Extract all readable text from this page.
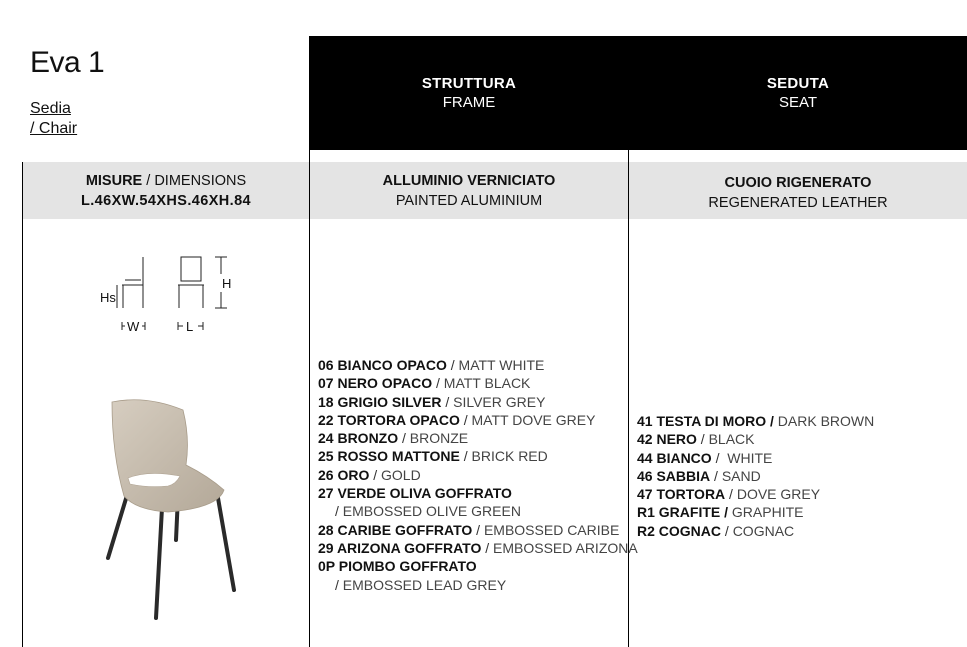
Eva 1
Sedia
/ Chair
STRUTTURA
FRAME
SEDUTA
SEAT
MISURE / DIMENSIONS
L.46XW.54XHS.46XH.84
ALLUMINIO VERNICIATO
PAINTED ALUMINIUM
CUOIO RIGENERATO
REGENERATED LEATHER
Hs
H
W	L
06 BIANCO OPACO / MATT WHITE
07 NERO OPACO / MATT BLACK
18 GRIGIO SILVER / SILVER GREY
22 TORTORA OPACO / MATT DOVE GREY
24 BRONZO / BRONZE
25 ROSSO MATTONE / BRICK RED
26 ORO / GOLD
27 VERDE OLIVA GOFFRATO
/ EMBOSSED OLIVE GREEN
28 CARIBE GOFFRATO / EMBOSSED CARIBE
29 ARIZONA GOFFRATO / EMBOSSED ARIZONA
0P PIOMBO GOFFRATO
/ EMBOSSED LEAD GREY
41 TESTA DI MORO / DARK BROWN
42 NERO / BLACK
44 BIANCO /  WHITE
46 SABBIA / SAND
47 TORTORA / DOVE GREY
R1 GRAFITE / GRAPHITE
R2 COGNAC / COGNAC
